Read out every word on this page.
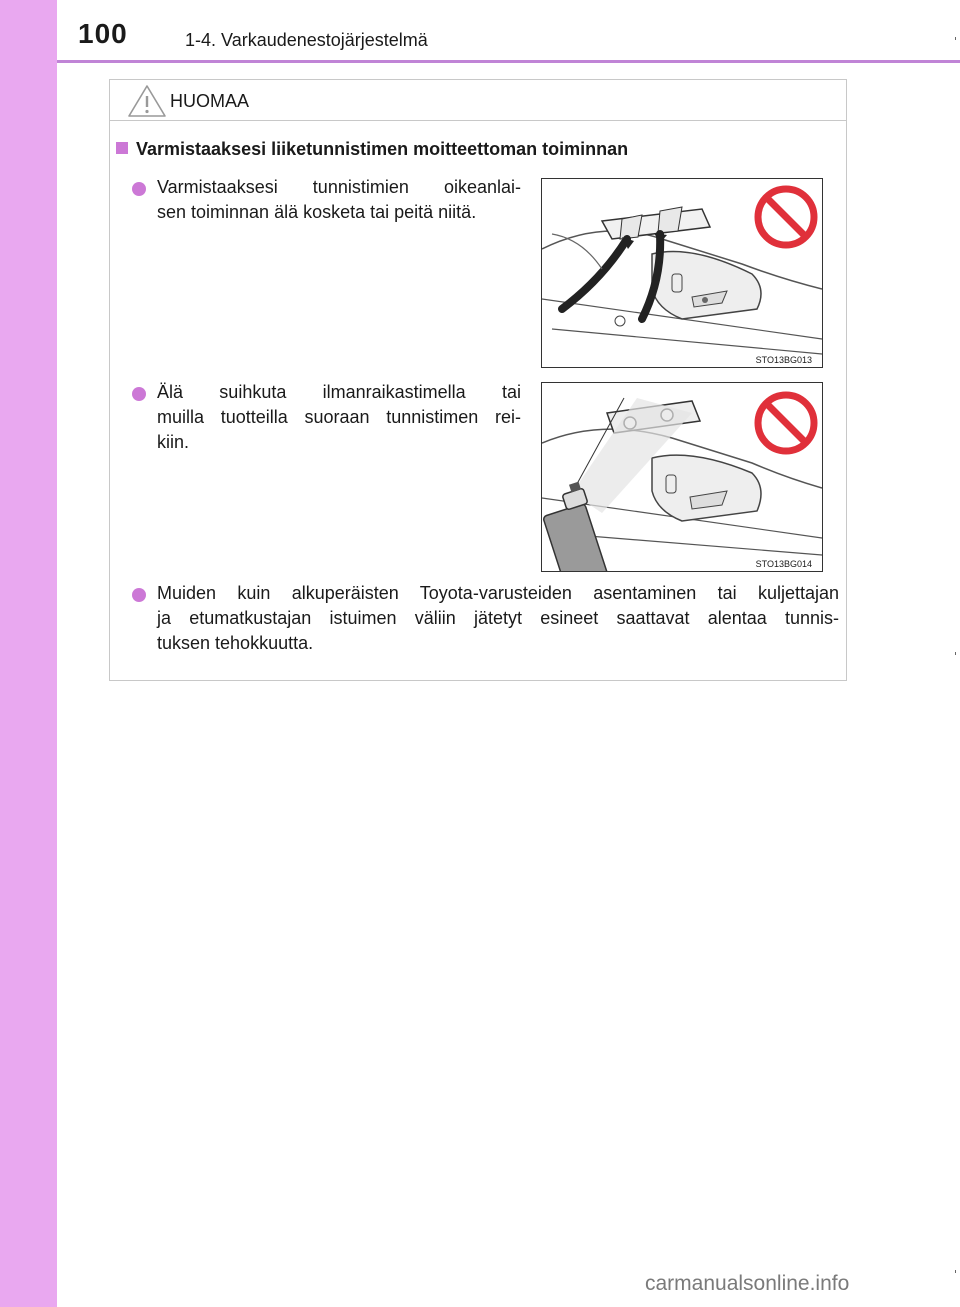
100	1-4. Varkaudenestojärjestelmä
HUOMAA
Varmistaaksesi liiketunnistimen moitteettoman toiminnan
Varmistaaksesi tunnistimien oikeanlai-
sen toiminnan älä kosketa tai peitä niitä.
STO13BG013
Älä suihkuta ilmanraikastimella tai
muilla tuotteilla suoraan tunnistimen rei-
kiin.
STO13BG014
Muiden kuin alkuperäisten Toyota-varusteiden asentaminen tai kuljettajan
ja etumatkustajan istuimen väliin jätetyt esineet saattavat alentaa tunnis-
tuksen tehokkuutta.
carmanualsonline.info
